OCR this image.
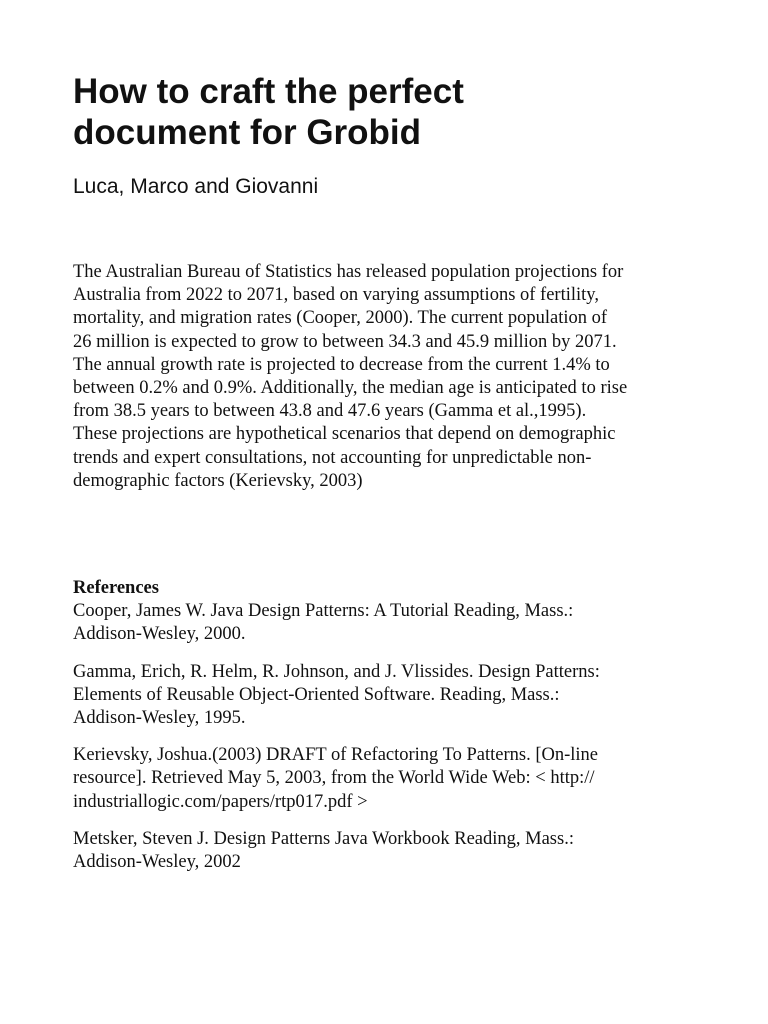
How to craft the perfect
document for Grobid

Luca, Marco and Giovanni

The Australian Bureau of Statistics has released population projections for
Australia from 2022 to 2071, based on varying assumptions of fertility,
mortality, and migration rates (Cooper, 2000). The current population of
26 million is expected to grow to between 34.3 and 45.9 million by 2071.
The annual growth rate is projected to decrease from the current 1.4% to
between 0.2% and 0.9%. Additionally, the median age is anticipated to rise
from 38.5 years to between 43.8 and 47.6 years (Gamma et al.,1995).
These projections are hypothetical scenarios that depend on demographic
trends and expert consultations, not accounting for unpredictable non-
demographic factors (Kerievsky, 2003)

References

Cooper, James W. Java Design Patterns: A Tutorial Reading, Mass.:
Addison-Wesley, 2000.

Gamma, Erich, R. Helm, R. Johnson, and J. Vlissides. Design Patterns:
Elements of Reusable Object-Oriented Software. Reading, Mass.:
Addison-Wesley, 1995.

Kerievsky, Joshua.(2003) DRAFT of Refactoring To Patterns. [On-line
resource]. Retrieved May 5, 2003, from the World Wide Web: < http://
industriallogic.com/papers/rtp017.pdf >

Metsker, Steven J. Design Patterns Java Workbook Reading, Mass.:
Addison-Wesley, 2002
